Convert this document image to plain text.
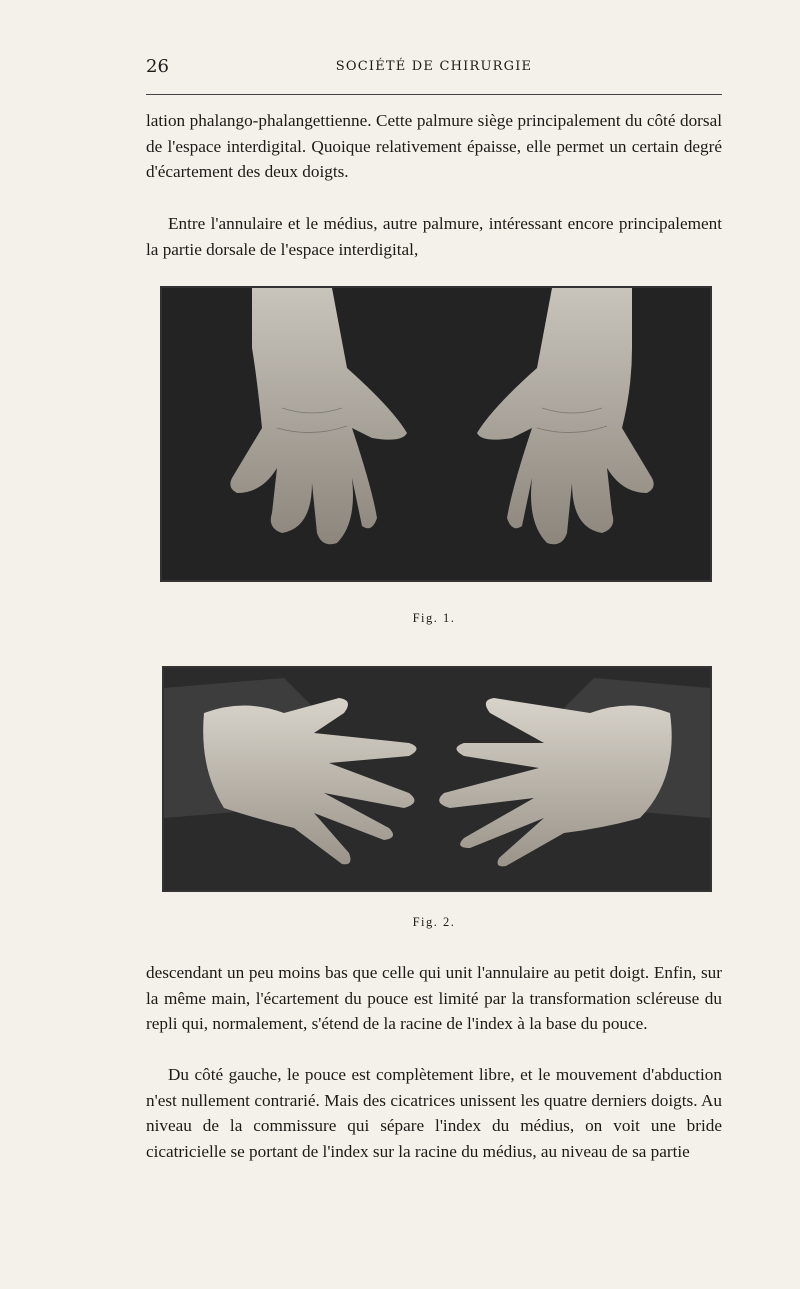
26	SOCIÉTÉ DE CHIRURGIE

lation phalango-phalangettienne. Cette palmure siège principalement du côté dorsal de l'espace interdigital. Quoique relativement épaisse, elle permet un certain degré d'écartement des deux doigts.

Entre l'annulaire et le médius, autre palmure, intéressant encore principalement la partie dorsale de l'espace interdigital,

Fig. 1.
Fig. 2.

descendant un peu moins bas que celle qui unit l'annulaire au petit doigt. Enfin, sur la même main, l'écartement du pouce est limité par la transformation scléreuse du repli qui, normalement, s'étend de la racine de l'index à la base du pouce.

Du côté gauche, le pouce est complètement libre, et le mouvement d'abduction n'est nullement contrarié. Mais des cicatrices unissent les quatre derniers doigts. Au niveau de la commissure qui sépare l'index du médius, on voit une bride cicatricielle se portant de l'index sur la racine du médius, au niveau de sa partie
